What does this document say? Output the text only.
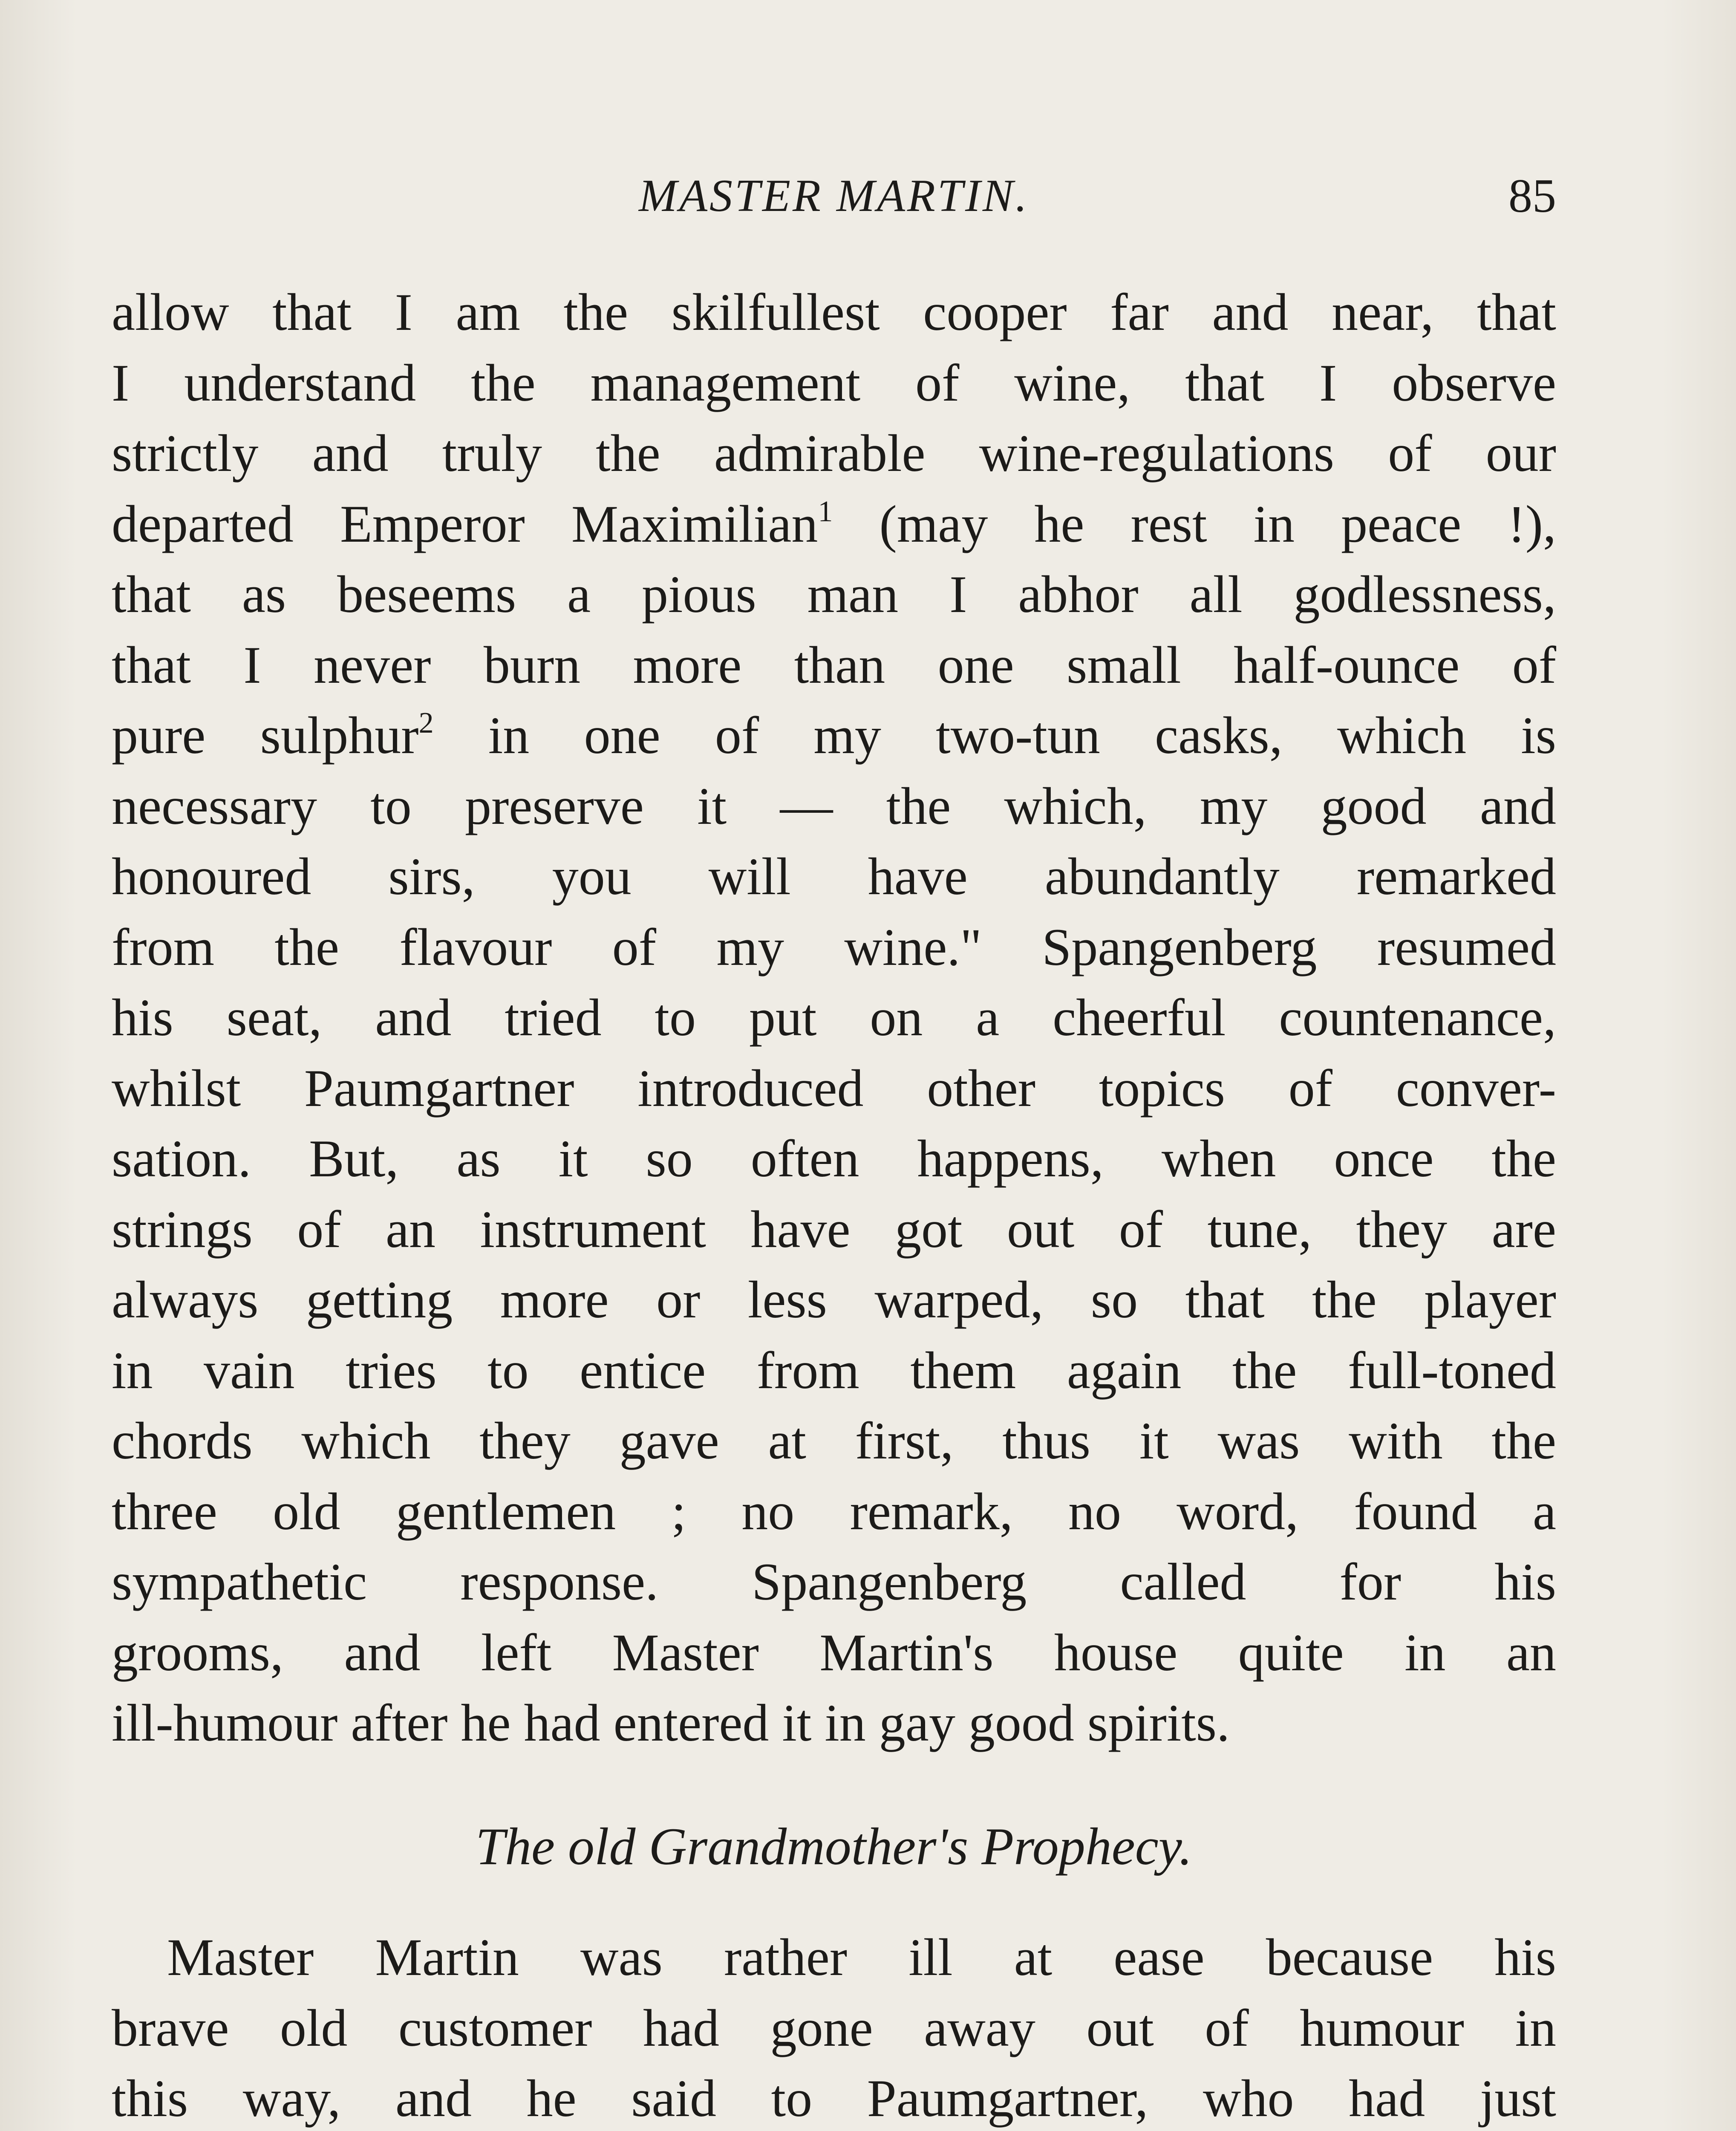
MASTER MARTIN.	85
allow that I am the skilfullest cooper far and near, that
I understand the management of wine, that I observe
strictly and truly the admirable wine-regulations of our
departed Emperor Maximilian$^1$ (may he rest in peace !),
that as beseems a pious man I abhor all godlessness,
that I never burn more than one small half-ounce of
pure sulphur$^2$ in one of my two-tun casks, which is
necessary to preserve it — the which, my good and
honoured sirs, you will have abundantly remarked
from the flavour of my wine." Spangenberg resumed
his seat, and tried to put on a cheerful countenance,
whilst Paumgartner introduced other topics of conver-
sation. But, as it so often happens, when once the
strings of an instrument have got out of tune, they are
always getting more or less warped, so that the player
in vain tries to entice from them again the full-toned
chords which they gave at first, thus it was with the
three old gentlemen ; no remark, no word, found a
sympathetic response. Spangenberg called for his
grooms, and left Master Martin's house quite in an
ill-humour after he had entered it in gay good spirits.
The old Grandmother's Prophecy.
Master Martin was rather ill at ease because his
brave old customer had gone away out of humour in
this way, and he said to Paumgartner, who had just
